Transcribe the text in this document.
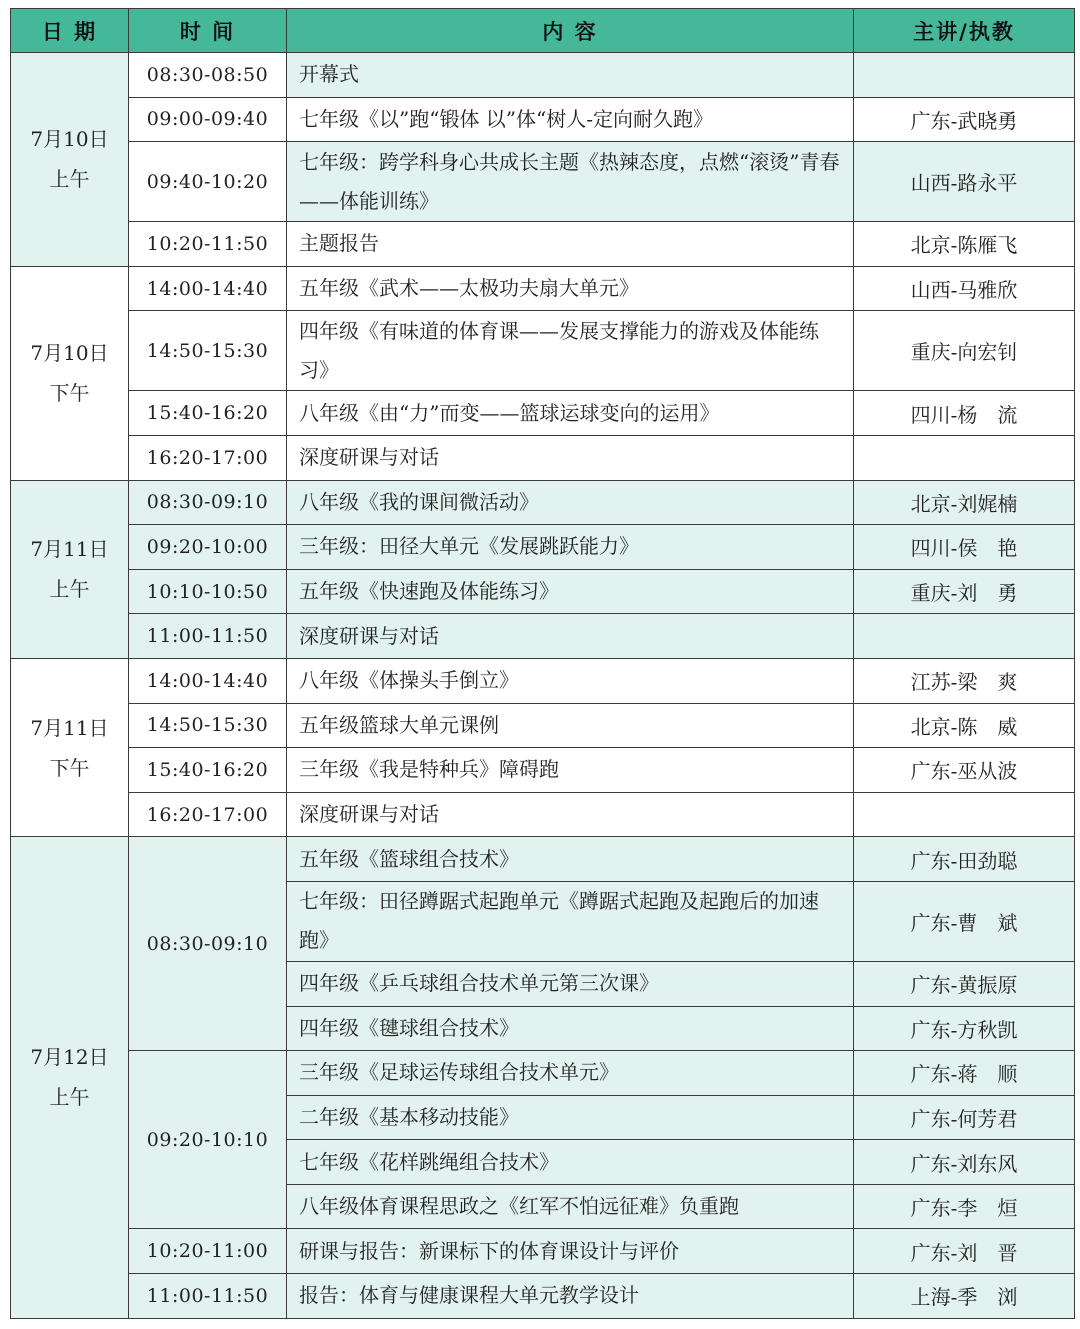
日 期	时 间	内 容	主讲/执教

7月10日
上午	08:30-08:50	开幕式	
	09:00-09:40	七年级《以”跑“锻体 以”体“树人-定向耐久跑》	广东-武晓勇
	09:40-10:20	七年级：跨学科身心共成长主题《热辣态度，点燃“滚烫”青春——体能训练》	山西-路永平
	10:20-11:50	主题报告	北京-陈雁飞

7月10日
下午	14:00-14:40	五年级《武术——太极功夫扇大单元》	山西-马雅欣
	14:50-15:30	四年级《有味道的体育课——发展支撑能力的游戏及体能练习》	重庆-向宏钊
	15:40-16:20	八年级《由“力”而变——篮球运球变向的运用》	四川-杨　流
	16:20-17:00	深度研课与对话	

7月11日
上午	08:30-09:10	八年级《我的课间微活动》	北京-刘娓楠
	09:20-10:00	三年级：田径大单元《发展跳跃能力》	四川-侯　艳
	10:10-10:50	五年级《快速跑及体能练习》	重庆-刘　勇
	11:00-11:50	深度研课与对话	

7月11日
下午	14:00-14:40	八年级《体操头手倒立》	江苏-梁　爽
	14:50-15:30	五年级篮球大单元课例	北京-陈　威
	15:40-16:20	三年级《我是特种兵》障碍跑	广东-巫从波
	16:20-17:00	深度研课与对话	

7月12日
上午	08:30-09:10	五年级《篮球组合技术》	广东-田劲聪
		七年级：田径蹲踞式起跑单元《蹲踞式起跑及起跑后的加速跑》	广东-曹　斌
		四年级《乒乓球组合技术单元第三次课》	广东-黄振原
		四年级《毽球组合技术》	广东-方秋凯
	09:20-10:10	三年级《足球运传球组合技术单元》	广东-蒋　顺
		二年级《基本移动技能》	广东-何芳君
		七年级《花样跳绳组合技术》	广东-刘东风
		八年级体育课程思政之《红军不怕远征难》负重跑	广东-李　烜
	10:20-11:00	研课与报告：新课标下的体育课设计与评价	广东-刘　晋
	11:00-11:50	报告：体育与健康课程大单元教学设计	上海-季　浏
